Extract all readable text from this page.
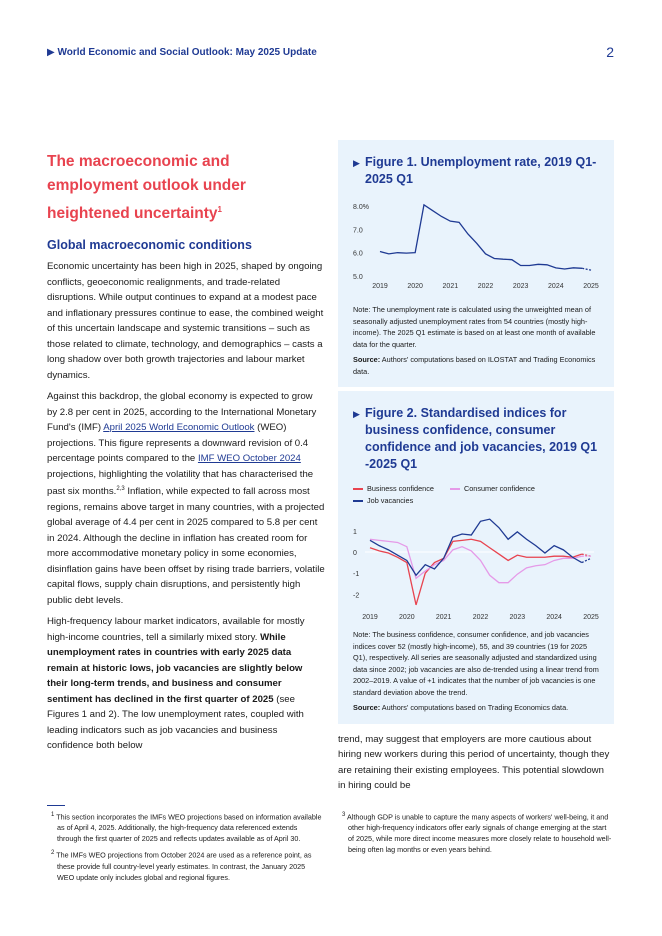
▶ World Economic and Social Outlook: May 2025 Update	2
The macroeconomic and employment outlook under heightened uncertainty$^1$
Global macroeconomic conditions

Economic uncertainty has been high in 2025, shaped by ongoing conflicts, geoeconomic realignments, and trade-related disruptions. While output continues to expand at a modest pace and inflationary pressures continue to ease, the combined weight of this uncertain landscape and systemic transitions – such as those related to climate, technology, and demographics – casts a long shadow over both growth trajectories and labour market dynamics.

Against this backdrop, the global economy is expected to grow by 2.8 per cent in 2025, according to the International Monetary Fund's (IMF) April 2025 World Economic Outlook (WEO) projections. This figure represents a downward revision of 0.4 percentage points compared to the IMF WEO October 2024 projections, highlighting the volatility that has characterised the past six months.$^{2,3}$ Inflation, while expected to fall across most regions, remains above target in many countries, with a projected global average of 4.4 per cent in 2025 compared to 5.8 per cent in 2024. Although the decline in inflation has created room for more accommodative monetary policy in some economies, disinflation gains have been offset by rising trade barriers, volatile capital flows, supply chain disruptions, and persistently high public debt levels.

High-frequency labour market indicators, available for mostly high-income countries, tell a similarly mixed story. While unemployment rates in countries with early 2025 data remain at historic lows, job vacancies are slightly below their long-term trends, and business and consumer sentiment has declined in the first quarter of 2025 (see Figures 1 and 2). The low unemployment rates, coupled with leading indicators such as job vacancies and business confidence both below

▶ Figure 1. Unemployment rate, 2019 Q1-2025 Q1
8.0%
7.0
6.0
5.0
2019	2020	2021	2022	2023	2024	2025
Note: The unemployment rate is calculated using the unweighted mean of seasonally adjusted unemployment rates from 54 countries (mostly high-income). The 2025 Q1 estimate is based on at least one month of available data for the quarter.
Source: Authors' computations based on ILOSTAT and Trading Economics data.
▶ Figure 2. Standardised indices for business confidence, consumer confidence and job vacancies, 2019 Q1 -2025 Q1
Business confidence	Consumer confidence Job vacancies
1
0
-1
-2
2019	2020	2021	2022	2023	2024	2025
Note: The business confidence, consumer confidence, and job vacancies indices cover 52 (mostly high-income), 55, and 39 countries (19 for 2025 Q1), respectively. All series are seasonally adjusted and standardized using data since 2002; job vacancies are also de-trended using a linear trend from 2002–2019. A value of +1 indicates that the number of job vacancies is one standard deviation above the trend.
Source: Authors' computations based on Trading Economics data.

trend, may suggest that employers are more cautious about hiring new workers during this period of uncertainty, though they are retaining their existing employees. This potential slowdown in hiring could be

$^1$ This section incorporates the IMFs WEO projections based on information available as of April 4, 2025. Additionally, the high-frequency data referenced extends through the first quarter of 2025 and reflects updates available as of April 30.
$^2$ The IMFs WEO projections from October 2024 are used as a reference point, as these provide full country-level yearly estimates. In contrast, the January 2025 WEO update only includes global and regional figures.
$^3$ Although GDP is unable to capture the many aspects of workers' well-being, it and other high-frequency indicators offer early signals of change emerging at the start of 2025, while more direct income measures more closely relate to household well-being often lag months or even years behind.
